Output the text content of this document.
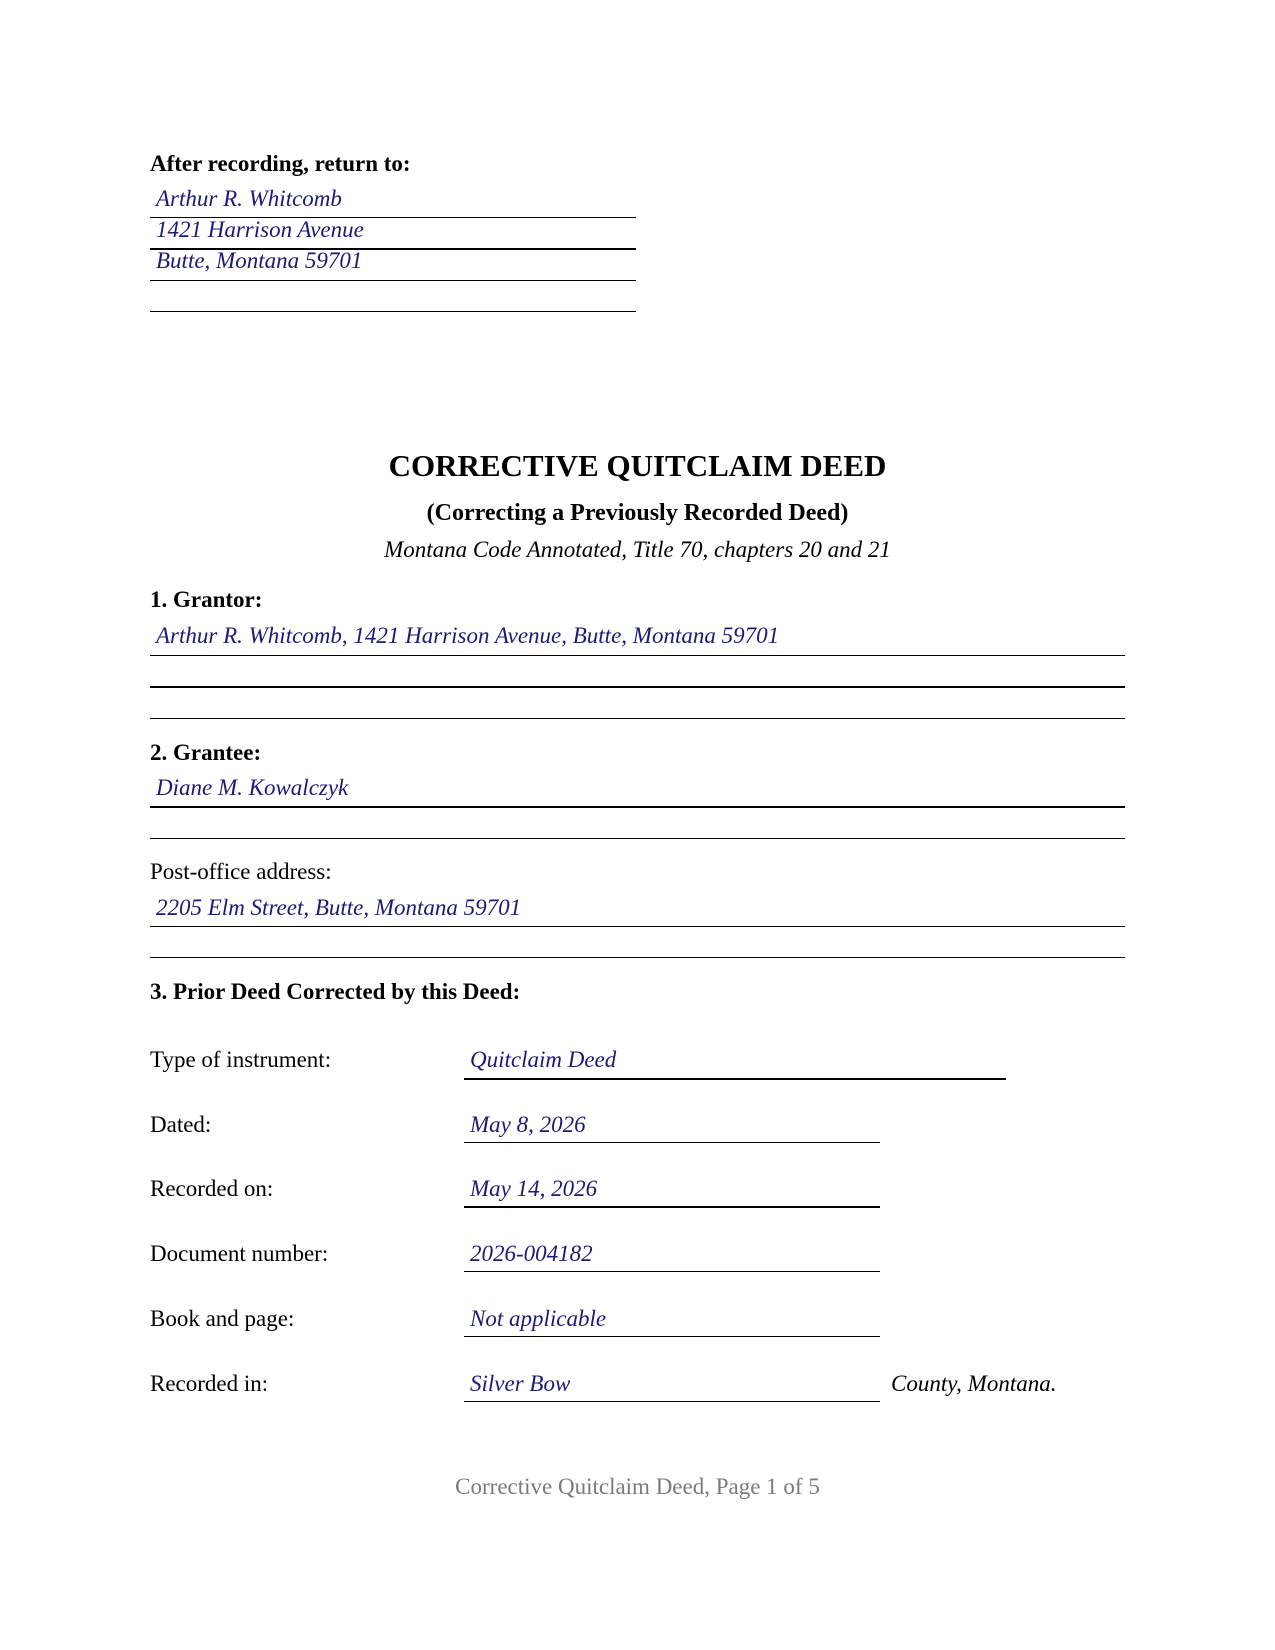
After recording, return to:
Arthur R. Whitcomb
1421 Harrison Avenue
Butte, Montana 59701
CORRECTIVE QUITCLAIM DEED
(Correcting a Previously Recorded Deed)
Montana Code Annotated, Title 70, chapters 20 and 21
1. Grantor:
Arthur R. Whitcomb, 1421 Harrison Avenue, Butte, Montana 59701
2. Grantee:
Diane M. Kowalczyk
Post-office address:
2205 Elm Street, Butte, Montana 59701
3. Prior Deed Corrected by this Deed:
Type of instrument:	Quitclaim Deed
Dated:	May 8, 2026
Recorded on:	May 14, 2026
Document number:	2026-004182
Book and page:	Not applicable
Recorded in:	Silver Bow	County, Montana.
Corrective Quitclaim Deed, Page 1 of 5
